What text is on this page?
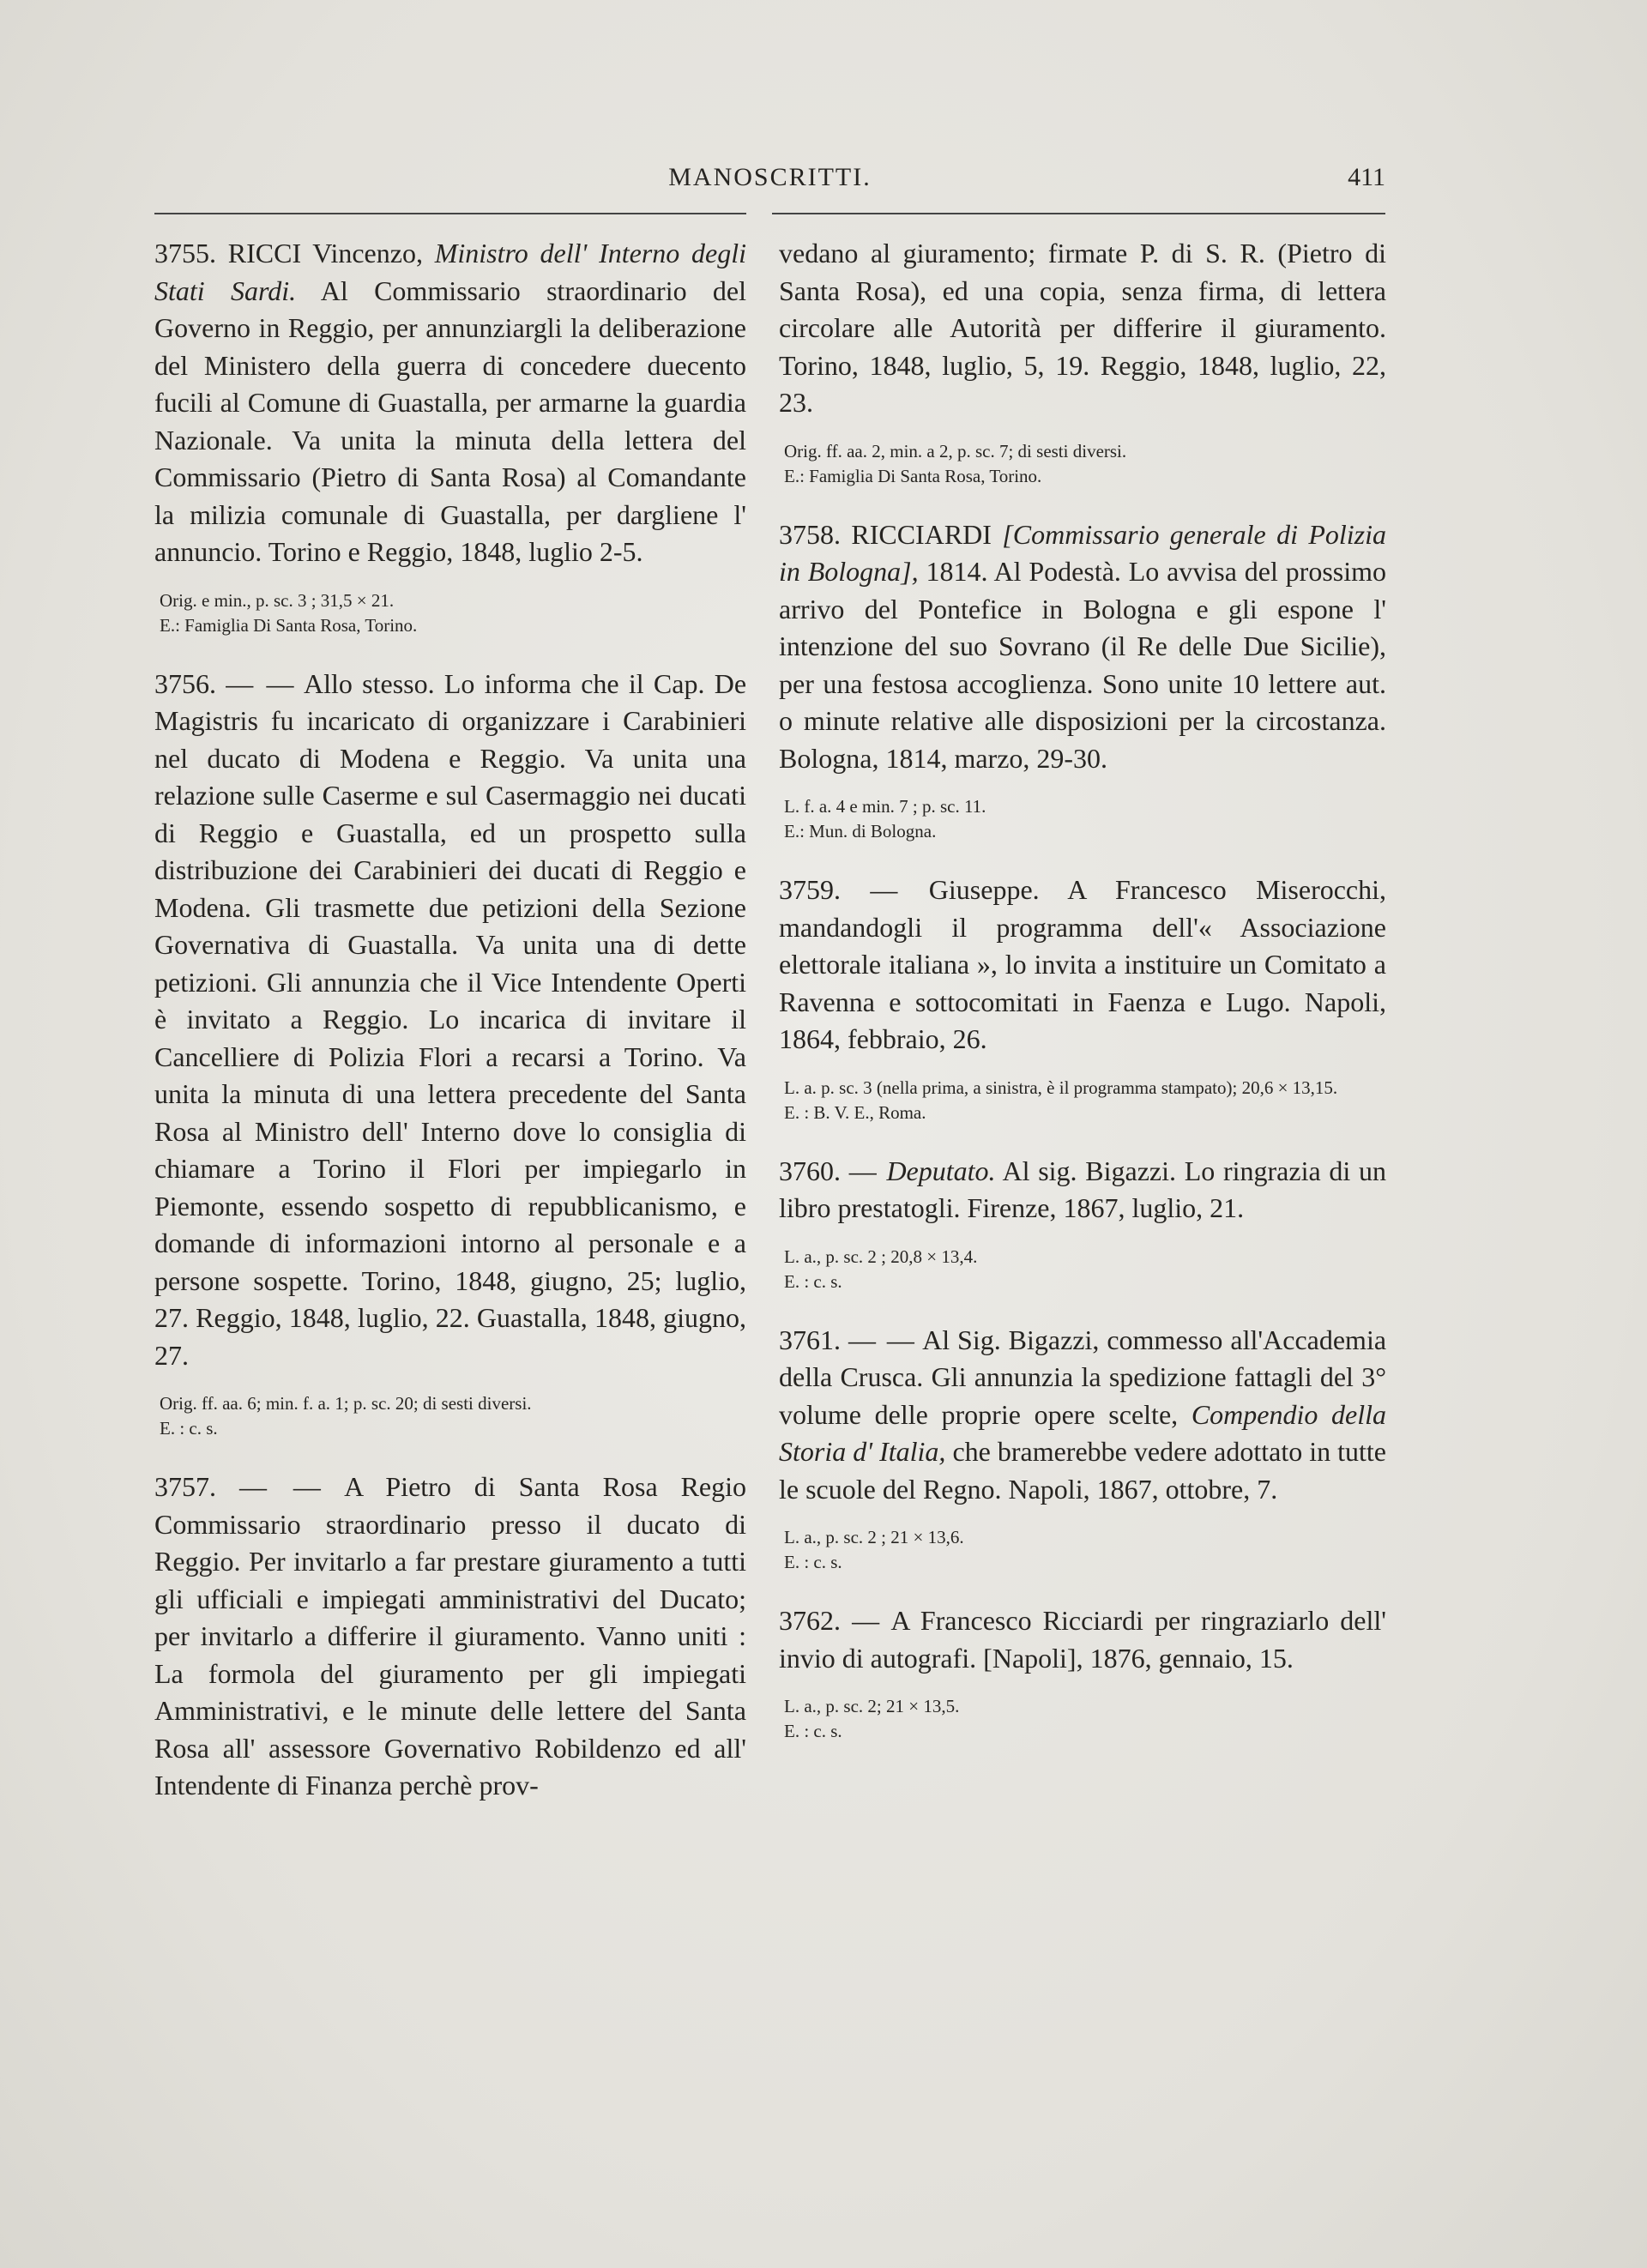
MANOSCRITTI.	411

3755. RICCI Vincenzo, Ministro dell' Interno degli Stati Sardi. Al Commissario straordinario del Governo in Reggio, per annunziargli la deliberazione del Ministero della guerra di concedere duecento fucili al Comune di Guastalla, per armarne la guardia Nazionale. Va unita la minuta della lettera del Commissario (Pietro di Santa Rosa) al Comandante la milizia comunale di Guastalla, per dargliene l' annuncio. Torino e Reggio, 1848, luglio 2-5.

Orig. e min., p. sc. 3 ; 31,5 × 21.
E.: Famiglia Di Santa Rosa, Torino.

3756. — — Allo stesso. Lo informa che il Cap. De Magistris fu incaricato di organizzare i Carabinieri nel ducato di Modena e Reggio. Va unita una relazione sulle Caserme e sul Casermaggio nei ducati di Reggio e Guastalla, ed un prospetto sulla distribuzione dei Carabinieri dei ducati di Reggio e Modena. Gli trasmette due petizioni della Sezione Governativa di Guastalla. Va unita una di dette petizioni. Gli annunzia che il Vice Intendente Operti è invitato a Reggio. Lo incarica di invitare il Cancelliere di Polizia Flori a recarsi a Torino. Va unita la minuta di una lettera precedente del Santa Rosa al Ministro dell' Interno dove lo consiglia di chiamare a Torino il Flori per impiegarlo in Piemonte, essendo sospetto di repubblicanismo, e domande di informazioni intorno al personale e a persone sospette. Torino, 1848, giugno, 25; luglio, 27. Reggio, 1848, luglio, 22. Guastalla, 1848, giugno, 27.

Orig. ff. aa. 6; min. f. a. 1; p. sc. 20; di sesti diversi.
E. : c. s.

3757. — — A Pietro di Santa Rosa Regio Commissario straordinario presso il ducato di Reggio. Per invitarlo a far prestare giuramento a tutti gli ufficiali e impiegati amministrativi del Ducato; per invitarlo a differire il giuramento. Vanno uniti : La formola del giuramento per gli impiegati Amministrativi, e le minute delle lettere del Santa Rosa all' assessore Governativo Robildenzo ed all' Intendente di Finanza perchè prov-

vedano al giuramento; firmate P. di S. R. (Pietro di Santa Rosa), ed una copia, senza firma, di lettera circolare alle Autorità per differire il giuramento. Torino, 1848, luglio, 5, 19. Reggio, 1848, luglio, 22, 23.

Orig. ff. aa. 2, min. a 2, p. sc. 7; di sesti diversi.
E.: Famiglia Di Santa Rosa, Torino.

3758. RICCIARDI [Commissario generale di Polizia in Bologna], 1814. Al Podestà. Lo avvisa del prossimo arrivo del Pontefice in Bologna e gli espone l' intenzione del suo Sovrano (il Re delle Due Sicilie), per una festosa accoglienza. Sono unite 10 lettere aut. o minute relative alle disposizioni per la circostanza. Bologna, 1814, marzo, 29-30.

L. f. a. 4 e min. 7 ; p. sc. 11.
E.: Mun. di Bologna.

3759. — Giuseppe. A Francesco Miserocchi, mandandogli il programma dell'« Associazione elettorale italiana », lo invita a instituire un Comitato a Ravenna e sottocomitati in Faenza e Lugo. Napoli, 1864, febbraio, 26.

L. a. p. sc. 3 (nella prima, a sinistra, è il programma stampato); 20,6 × 13,15.
E. : B. V. E., Roma.

3760. — Deputato. Al sig. Bigazzi. Lo ringrazia di un libro prestatogli. Firenze, 1867, luglio, 21.

L. a., p. sc. 2 ; 20,8 × 13,4.
E. : c. s.

3761. — — Al Sig. Bigazzi, commesso all'Accademia della Crusca. Gli annunzia la spedizione fattagli del 3° volume delle proprie opere scelte, Compendio della Storia d' Italia, che bramerebbe vedere adottato in tutte le scuole del Regno. Napoli, 1867, ottobre, 7.

L. a., p. sc. 2 ; 21 × 13,6.
E. : c. s.

3762. — A Francesco Ricciardi per ringraziarlo dell' invio di autografi. [Napoli], 1876, gennaio, 15.

L. a., p. sc. 2; 21 × 13,5.
E. : c. s.
